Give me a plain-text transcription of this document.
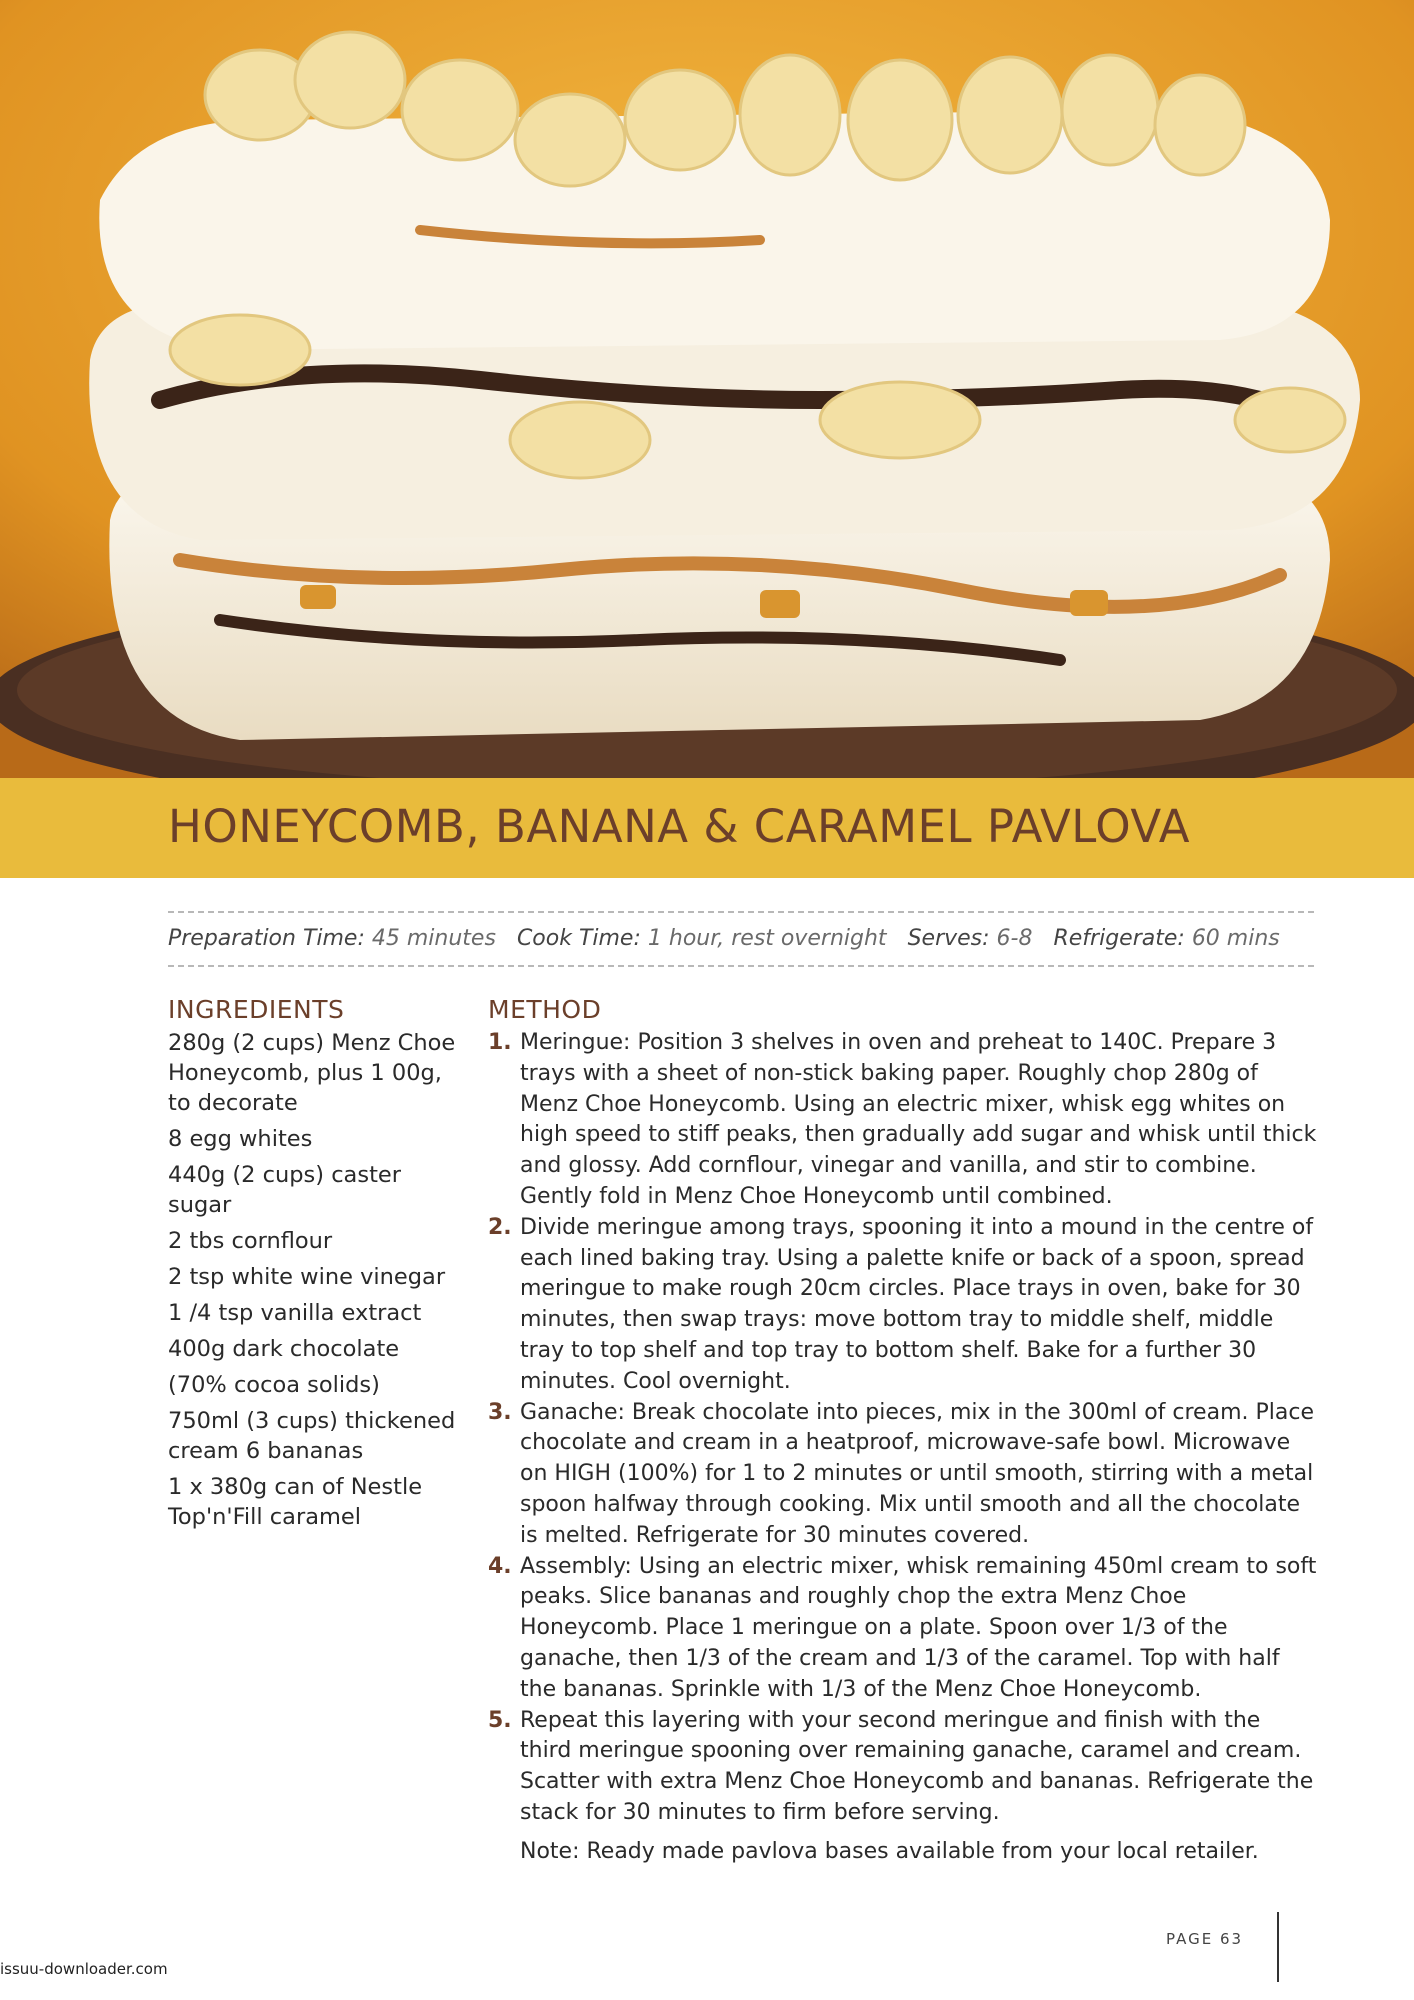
HONEYCOMB, BANANA & CARAMEL PAVLOVA
Preparation Time: 45 minutes Cook Time: 1 hour, rest overnight Serves: 6-8 Refrigerate: 60 mins
INGREDIENTS
280g (2 cups) Menz Choe Honeycomb, plus 1 00g, to decorate
8 egg whites
440g (2 cups) caster sugar
2 tbs cornflour
2 tsp white wine vinegar
1 /4 tsp vanilla extract
400g dark chocolate
(70% cocoa solids)
750ml (3 cups) thickened cream 6 bananas
1 x 380g can of Nestle Top'n'Fill caramel
METHOD
1. Meringue: Position 3 shelves in oven and preheat to 140C. Prepare 3 trays with a sheet of non-stick baking paper. Roughly chop 280g of Menz Choe Honeycomb. Using an electric mixer, whisk egg whites on high speed to stiff peaks, then gradually add sugar and whisk until thick and glossy. Add cornflour, vinegar and vanilla, and stir to combine. Gently fold in Menz Choe Honeycomb until combined.
2. Divide meringue among trays, spooning it into a mound in the centre of each lined baking tray. Using a palette knife or back of a spoon, spread meringue to make rough 20cm circles. Place trays in oven, bake for 30 minutes, then swap trays: move bottom tray to middle shelf, middle tray to top shelf and top tray to bottom shelf. Bake for a further 30 minutes. Cool overnight.
3. Ganache: Break chocolate into pieces, mix in the 300ml of cream. Place chocolate and cream in a heatproof, microwave-safe bowl. Microwave on HIGH (100%) for 1 to 2 minutes or until smooth, stirring with a metal spoon halfway through cooking. Mix until smooth and all the chocolate is melted. Refrigerate for 30 minutes covered.
4. Assembly: Using an electric mixer, whisk remaining 450ml cream to soft peaks. Slice bananas and roughly chop the extra Menz Choe Honeycomb. Place 1 meringue on a plate. Spoon over 1/3 of the ganache, then 1/3 of the cream and 1/3 of the caramel. Top with half the bananas. Sprinkle with 1/3 of the Menz Choe Honeycomb.
5. Repeat this layering with your second meringue and finish with the third meringue spooning over remaining ganache, caramel and cream. Scatter with extra Menz Choe Honeycomb and bananas. Refrigerate the stack for 30 minutes to firm before serving.

Note: Ready made pavlova bases available from your local retailer.

PAGE 63
issuu-downloader.com
